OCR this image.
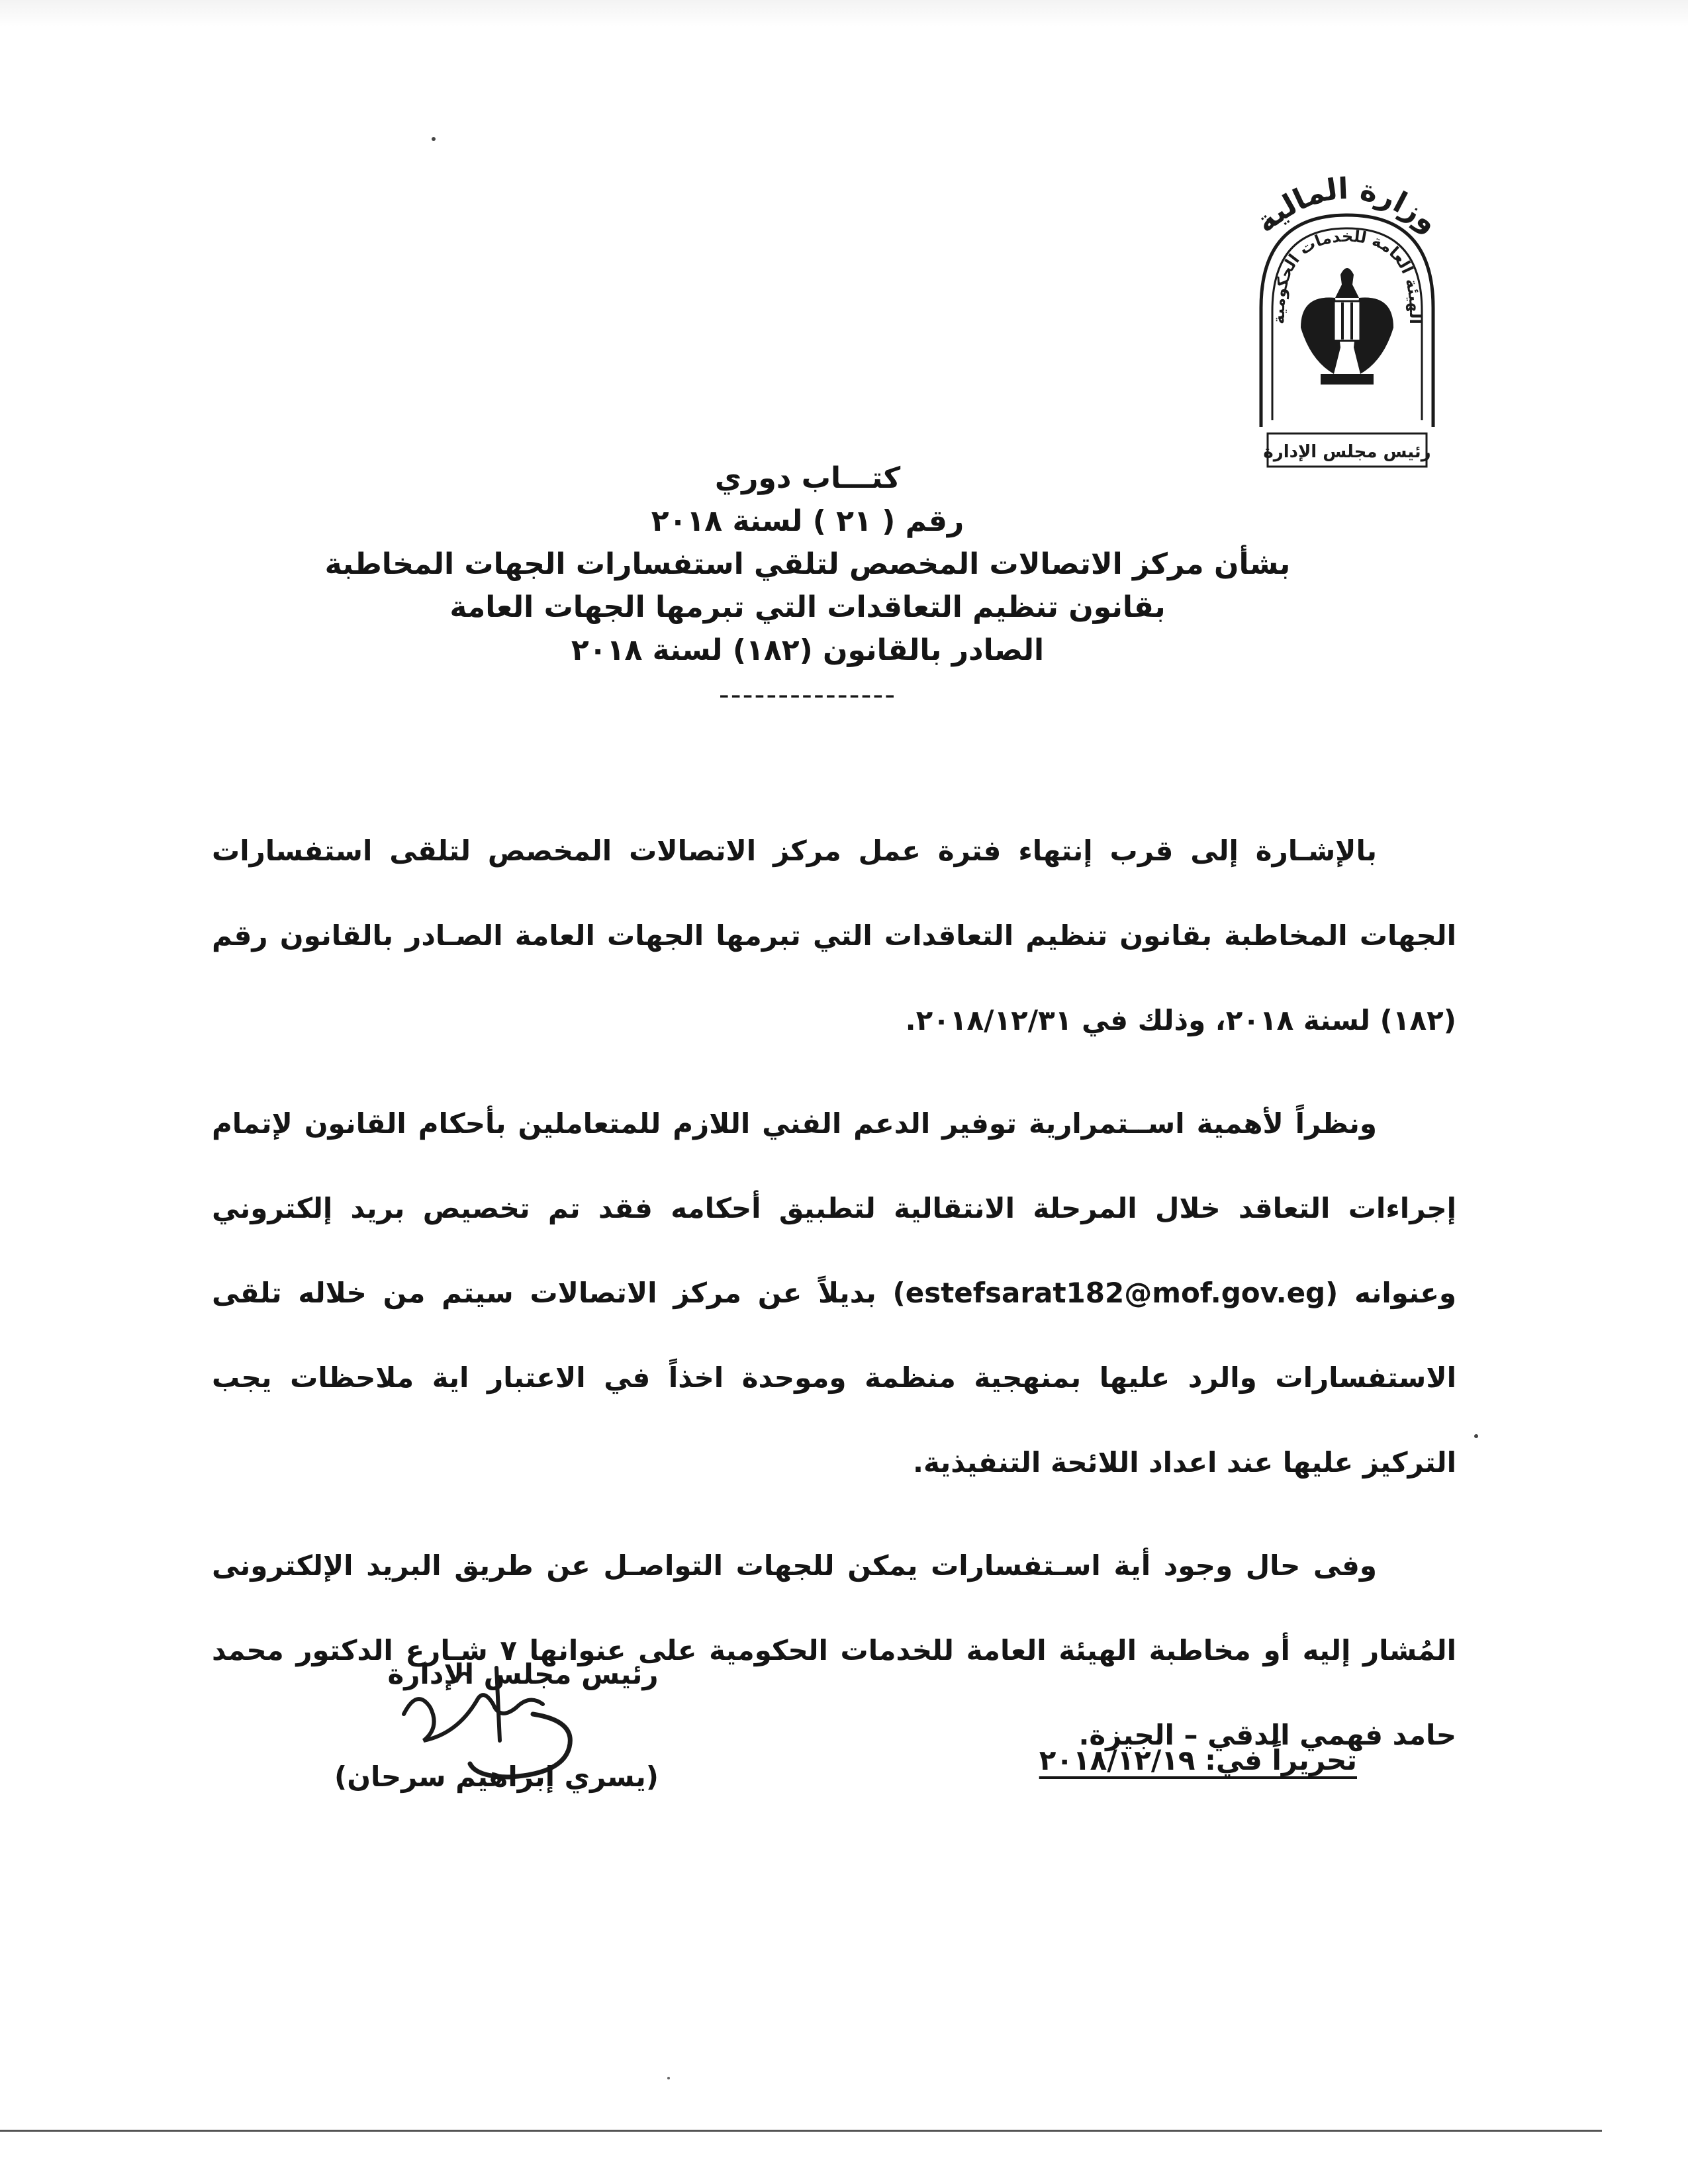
وزارة المالية
الهيئة العامة للخدمات الحكومية
رئيس مجلس الإدارة
كتـــاب دوري
رقم ( ٢١ ) لسنة ٢٠١٨
بشأن مركز الاتصالات المخصص لتلقي استفسارات الجهات المخاطبة
بقانون تنظيم التعاقدات التي تبرمها الجهات العامة
الصادر بالقانون (١٨٢) لسنة ٢٠١٨
---------------

بالإشـارة إلى قرب إنتهاء فترة عمل مركز الاتصالات المخصص لتلقى استفسارات الجهات المخاطبة بقانون تنظيم التعاقدات التي تبرمها الجهات العامة الصـادر بالقانون رقم (١٨٢) لسنة ٢٠١٨، وذلك في ٢٠١٨/١٢/٣١.

ونظراً لأهمية اســتمرارية توفير الدعم الفني اللازم للمتعاملين بأحكام القانون لإتمام إجراءات التعاقد خلال المرحلة الانتقالية لتطبيق أحكامه فقد تم تخصيص بريد إلكتروني وعنوانه (estefsarat182@mof.gov.eg) بديلاً عن مركز الاتصالات سيتم من خلاله تلقى الاستفسارات والرد عليها بمنهجية منظمة وموحدة اخذاً في الاعتبار اية ملاحظات يجب التركيز عليها عند اعداد اللائحة التنفيذية.

وفى حال وجود أية اسـتفسارات يمكن للجهات التواصـل عن طريق البريد الإلكترونى المُشار إليه أو مخاطبة الهيئة العامة للخدمات الحكومية على عنوانها ٧ شـارع الدكتور محمد حامد فهمي الدقي – الجيزة.

رئيس مجلس الإدارة
(يسري إبراهيم سرحان)
تحريراً في: ٢٠١٨/١٢/١٩
